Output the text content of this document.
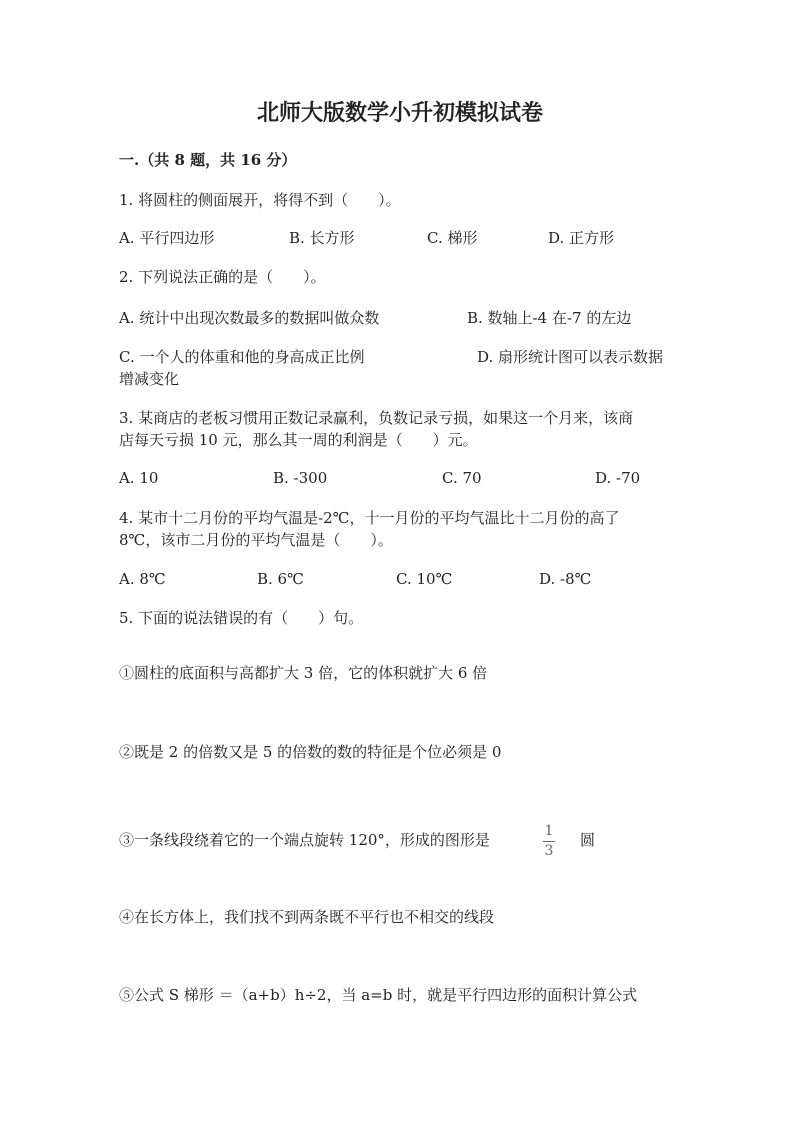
北师大版数学小升初模拟试卷
一.（共 8 题，共 16 分）
1. 将圆柱的侧面展开，将得不到（　　）。
A. 平行四边形	B. 长方形	C. 梯形	D. 正方形
2. 下列说法正确的是（　　）。
A. 统计中出现次数最多的数据叫做众数	B. 数轴上-4 在-7 的左边
C. 一个人的体重和他的身高成正比例	D. 扇形统计图可以表示数据
增减变化
3. 某商店的老板习惯用正数记录赢利，负数记录亏损，如果这一个月来，该商
店每天亏损 10 元，那么其一周的利润是（　　）元。
A. 10	B. -300	C. 70	D. -70
4. 某市十二月份的平均气温是-2℃，十一月份的平均气温比十二月份的高了
8℃，该市二月份的平均气温是（　　）。
A. 8℃	B. 6℃	C. 10℃	D. -8℃
5. 下面的说法错误的有（　　）句。
①圆柱的底面积与高都扩大 3 倍，它的体积就扩大 6 倍
②既是 2 的倍数又是 5 的倍数的数的特征是个位必须是 0
③一条线段绕着它的一个端点旋转 120°，形成的图形是	1
3
圆
④在长方体上，我们找不到两条既不平行也不相交的线段
⑤公式 S 梯形 ＝（a+b）h÷2，当 a=b 时，就是平行四边形的面积计算公式
